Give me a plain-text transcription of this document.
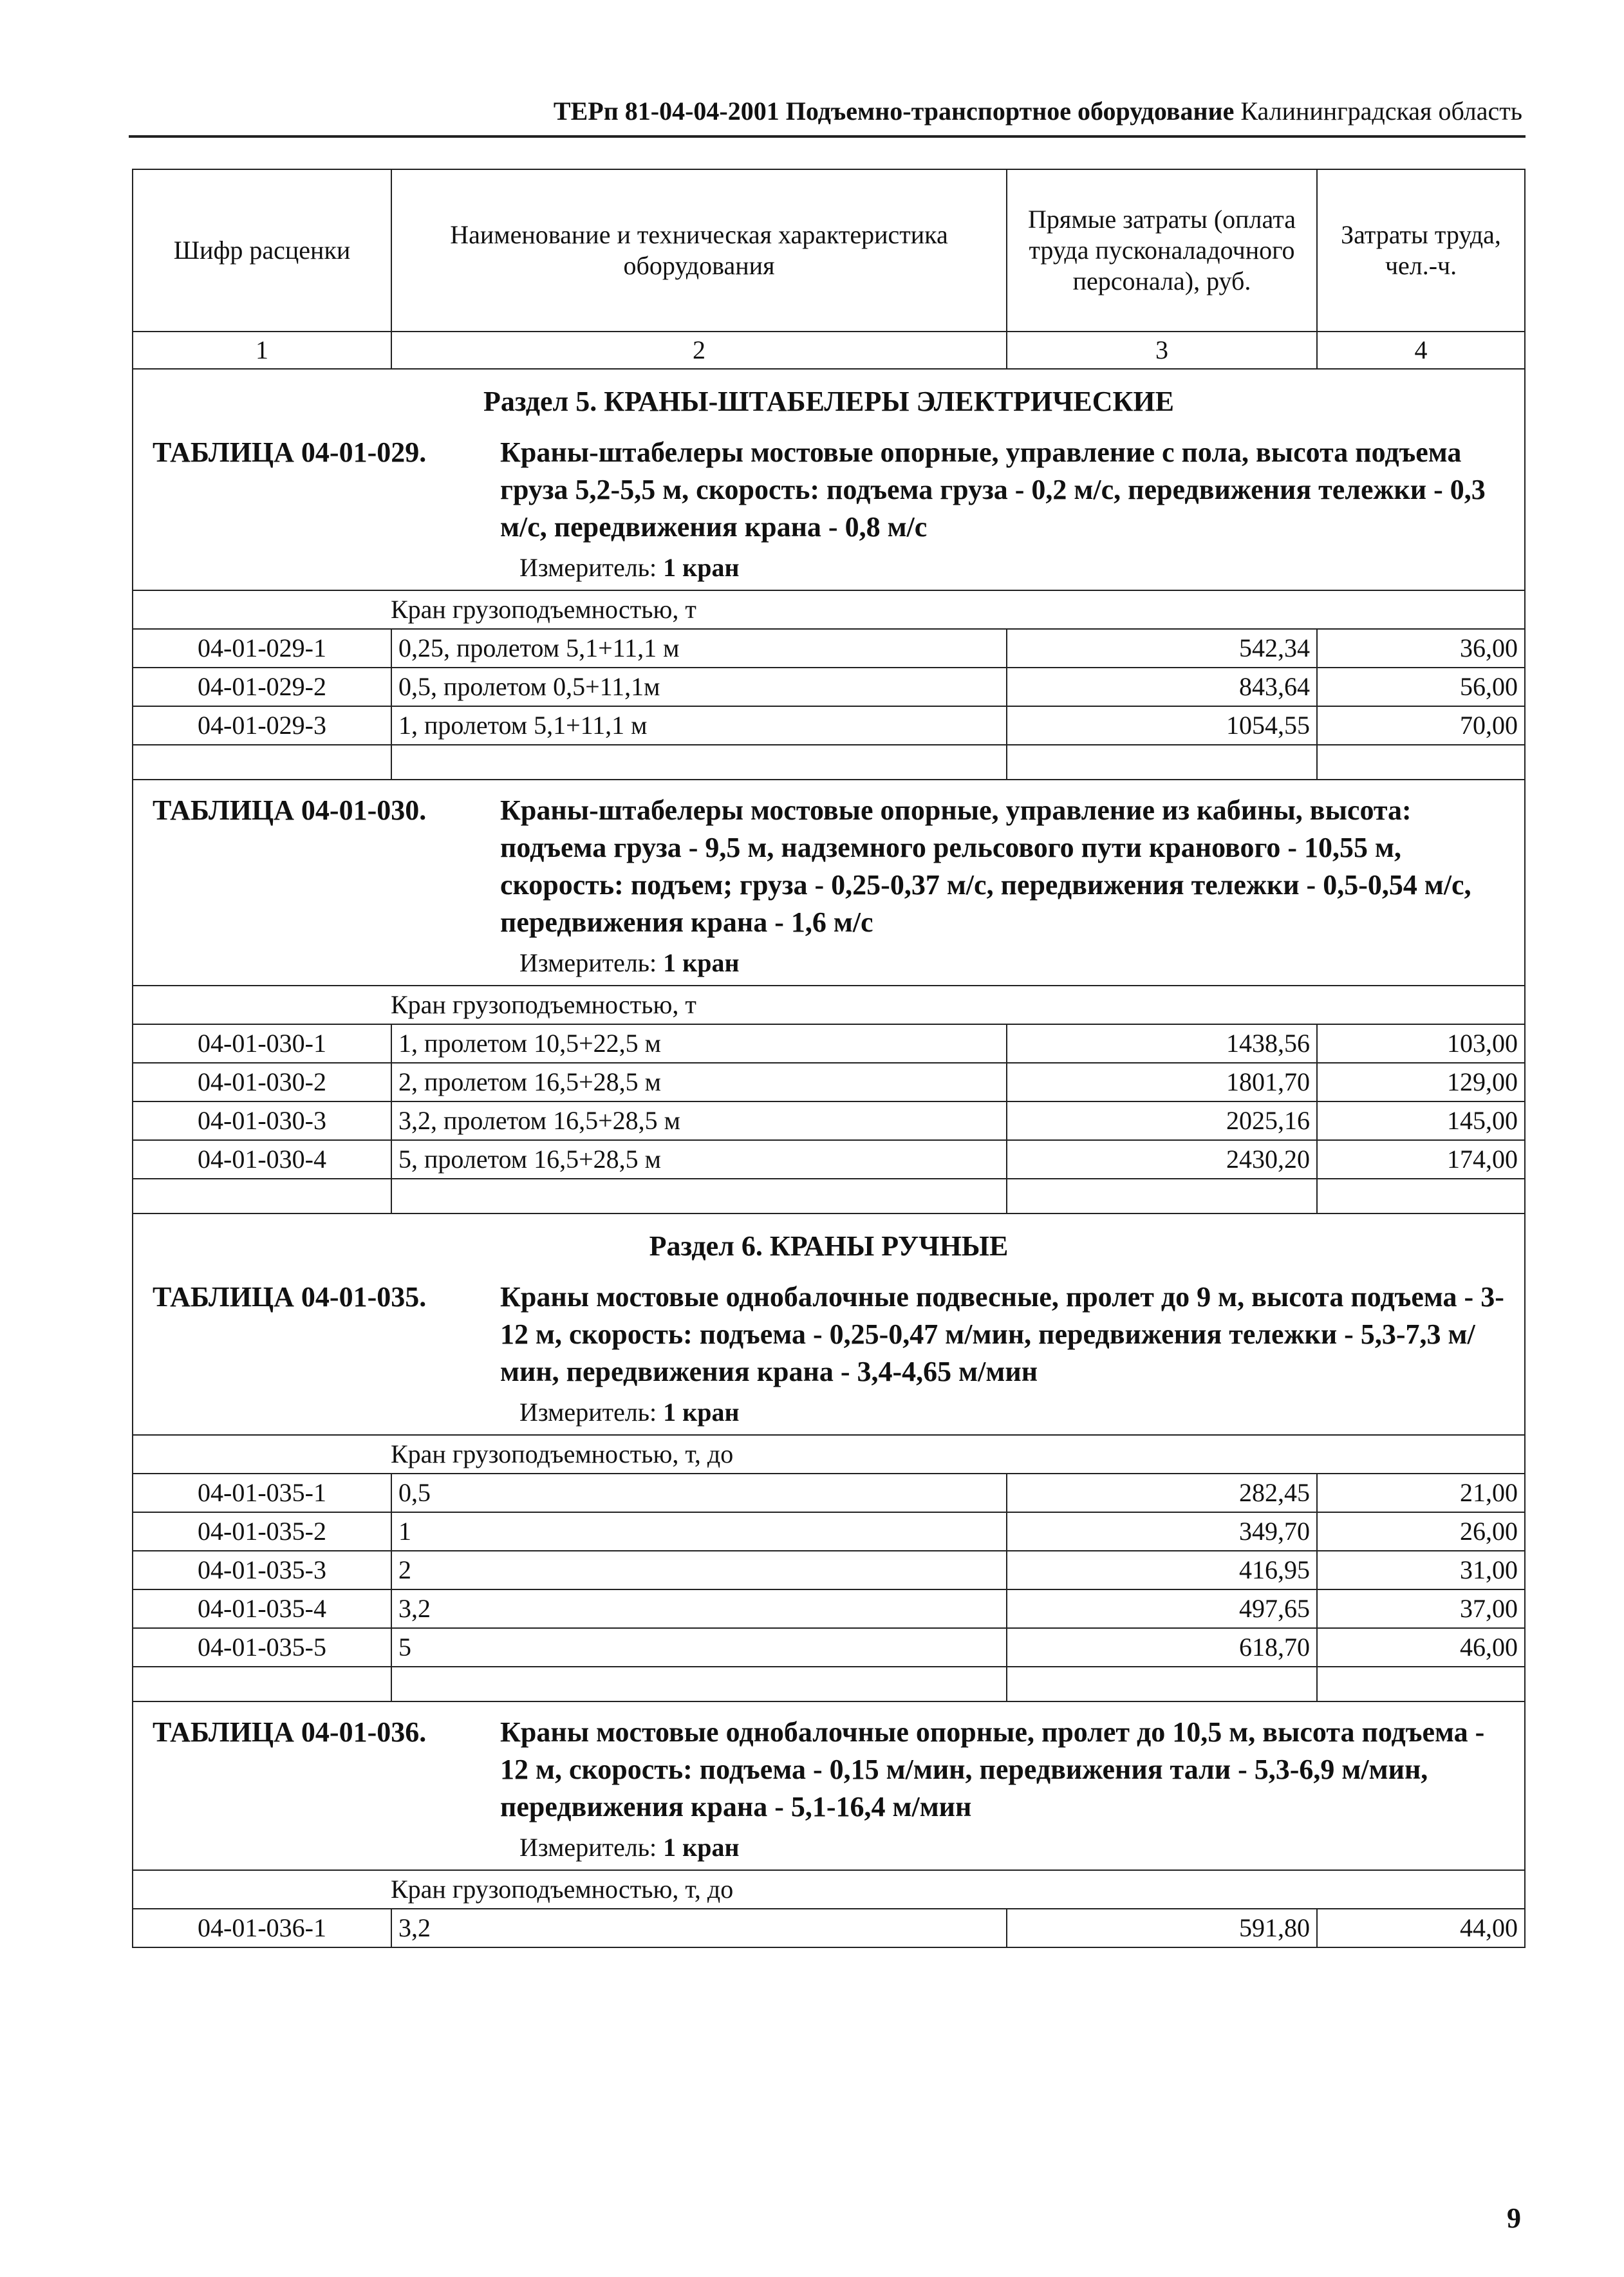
ТЕРп 81-04-04-2001 Подъемно-транспортное оборудование Калининградская область
Шифр расценки	Наименование и техническая характеристика оборудования	Прямые затраты (оплата труда пусконаладочного персонала), руб.	Затраты труда, чел.-ч.
1	2	3	4
Раздел 5. КРАНЫ-ШТАБЕЛЕРЫ ЭЛЕКТРИЧЕСКИЕ			

ТАБЛИЦА 04-01-029. Краны-штабелеры мостовые опорные, управление с пола, высота подъема груза 5,2-5,5 м, скорость: подъема груза - 0,2 м/с, передвижения тележки - 0,3 м/с, передвижения крана - 0,8 м/с			

Измеритель: 1 кран			
Кран грузоподъемностью, т			
04-01-029-1	0,25, пролетом 5,1+11,1 м	542,34	36,00
04-01-029-2	0,5, пролетом 0,5+11,1м	843,64	56,00
04-01-029-3	1, пролетом 5,1+11,1 м	1054,55	70,00

ТАБЛИЦА 04-01-030. Краны-штабелеры мостовые опорные, управление из кабины, высота: подъема груза - 9,5 м, надземного рельсового пути кранового - 10,55 м, скорость: подъем; груза - 0,25-0,37 м/с, передвижения тележки - 0,5-0,54 м/с, передвижения крана - 1,6 м/с			

Измеритель: 1 кран			
Кран грузоподъемностью, т			
04-01-030-1	1, пролетом 10,5+22,5 м	1438,56	103,00
04-01-030-2	2, пролетом 16,5+28,5 м	1801,70	129,00
04-01-030-3	3,2, пролетом 16,5+28,5 м	2025,16	145,00
04-01-030-4	5, пролетом 16,5+28,5 м	2430,20	174,00

Раздел 6. КРАНЫ РУЧНЫЕ			

ТАБЛИЦА 04-01-035. Краны мостовые однобалочные подвесные, пролет до 9 м, высота подъема - 3-12 м, скорость: подъема - 0,25-0,47 м/мин, передвижения тележки - 5,3-7,3 м/мин, передвижения крана - 3,4-4,65 м/мин			

Измеритель: 1 кран			
Кран грузоподъемностью, т, до			
04-01-035-1	0,5	282,45	21,00
04-01-035-2	1	349,70	26,00
04-01-035-3	2	416,95	31,00
04-01-035-4	3,2	497,65	37,00
04-01-035-5	5	618,70	46,00

ТАБЛИЦА 04-01-036. Краны мостовые однобалочные опорные, пролет до 10,5 м, высота подъема - 12 м, скорость: подъема - 0,15 м/мин, передвижения тали - 5,3-6,9 м/мин, передвижения крана - 5,1-16,4 м/мин			

Измеритель: 1 кран			
Кран грузоподъемностью, т, до			
04-01-036-1	3,2	591,80	44,00
9
